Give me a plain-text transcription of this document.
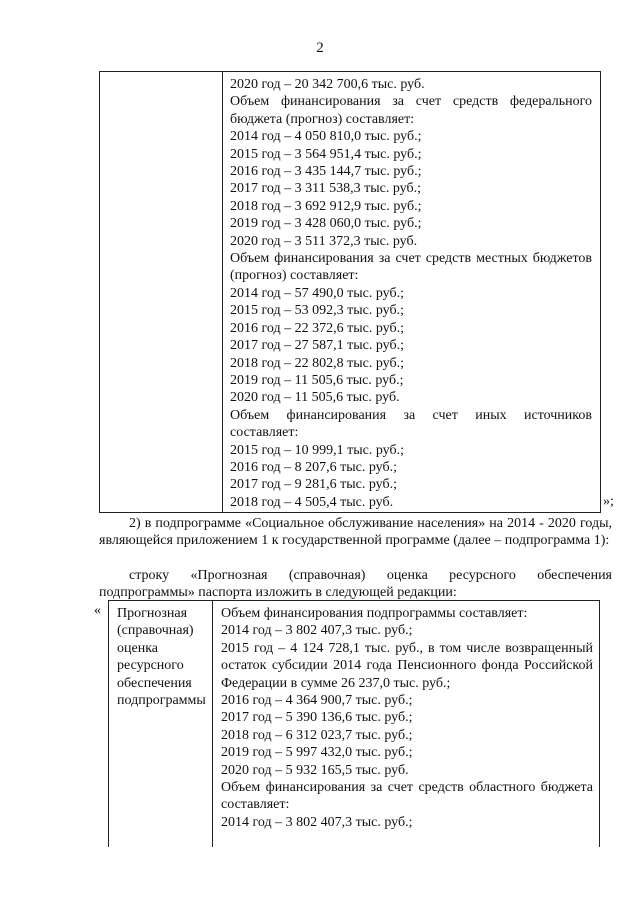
2
2020 год – 20 342 700,6 тыс. руб.
Объем финансирования за счет средств федерального бюджета (прогноз) составляет:
2014 год – 4 050 810,0 тыс. руб.;
2015 год – 3 564 951,4 тыс. руб.;
2016 год – 3 435 144,7 тыс. руб.;
2017 год – 3 311 538,3 тыс. руб.;
2018 год – 3 692 912,9 тыс. руб.;
2019 год – 3 428 060,0 тыс. руб.;
2020 год – 3 511 372,3 тыс. руб.
Объем финансирования за счет средств местных бюджетов (прогноз) составляет:
2014 год – 57 490,0 тыс. руб.;
2015 год – 53 092,3 тыс. руб.;
2016 год – 22 372,6 тыс. руб.;
2017 год – 27 587,1 тыс. руб.;
2018 год – 22 802,8 тыс. руб.;
2019 год – 11 505,6 тыс. руб.;
2020 год – 11 505,6 тыс. руб.
Объем финансирования за счет иных источников составляет:
2015 год – 10 999,1 тыс. руб.;
2016 год – 8 207,6 тыс. руб.;
2017 год – 9 281,6 тыс. руб.;
2018 год – 4 505,4 тыс. руб.	»;
2) в подпрограмме «Социальное обслуживание населения» на 2014 - 2020 годы, являющейся приложением 1 к государственной программе (далее – подпрограмма 1):
строку «Прогнозная (справочная) оценка ресурсного обеспечения подпрограммы» паспорта изложить в следующей редакции:
« Прогнозная (справочная) оценка ресурсного обеспечения подпрограммы
Объем финансирования подпрограммы составляет:
2014 год – 3 802 407,3 тыс. руб.;
2015 год – 4 124 728,1 тыс. руб., в том числе возвращенный остаток субсидии 2014 года Пенсионного фонда Российской Федерации в сумме 26 237,0 тыс. руб.;
2016 год – 4 364 900,7 тыс. руб.;
2017 год – 5 390 136,6 тыс. руб.;
2018 год – 6 312 023,7 тыс. руб.;
2019 год – 5 997 432,0 тыс. руб.;
2020 год – 5 932 165,5 тыс. руб.
Объем финансирования за счет средств областного бюджета составляет:
2014 год – 3 802 407,3 тыс. руб.;
